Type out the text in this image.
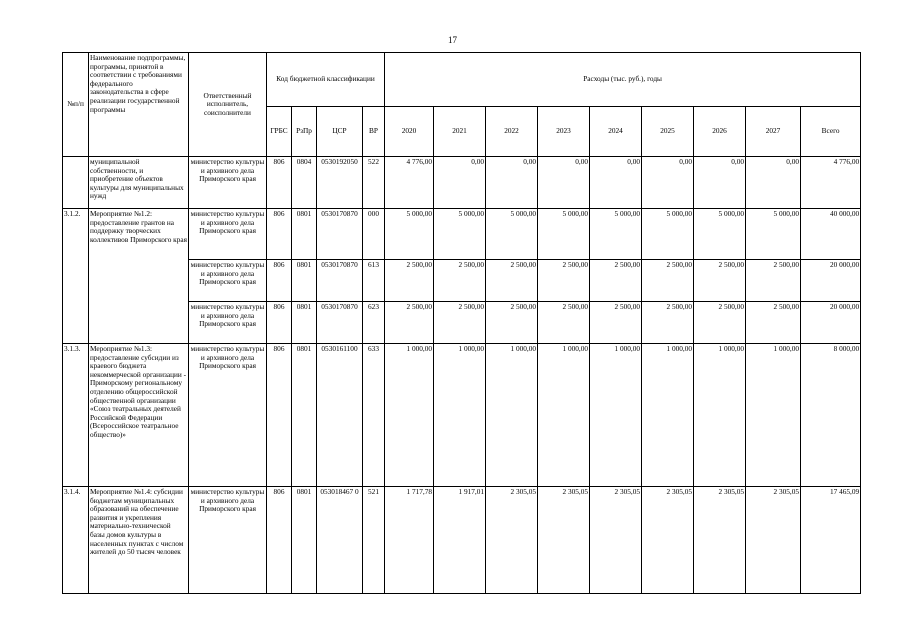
17
№п/п	Наименование подпрограммы, программы, принятой в соответствии с требованиями федерального законодательства в сфере реализации государственной программы	Ответственный исполнитель, соисполнители	Код бюджетной классификации				Расходы (тыс. руб.), годы								
			ГРБС	РзПр	ЦСР	ВР	2020	2021	2022	2023	2024	2025	2026	2027	Всего
	муниципальной собственности, и приобретение объектов культуры для муниципальных нужд	министерство культуры и архивного дела Приморского края	806	0804	0530192050	522	4 776,00	0,00	0,00	0,00	0,00	0,00	0,00	0,00	4 776,00
3.1.2.	Мероприятие №1.2: предоставление грантов на поддержку творческих коллективов Приморского края	министерство культуры и архивного дела Приморского края	806	0801	0530170870	000	5 000,00	5 000,00	5 000,00	5 000,00	5 000,00	5 000,00	5 000,00	5 000,00	40 000,00
		министерство культуры и архивного дела Приморского края	806	0801	0530170870	613	2 500,00	2 500,00	2 500,00	2 500,00	2 500,00	2 500,00	2 500,00	2 500,00	20 000,00
		министерство культуры и архивного дела Приморского края	806	0801	0530170870	623	2 500,00	2 500,00	2 500,00	2 500,00	2 500,00	2 500,00	2 500,00	2 500,00	20 000,00
3.1.3.	Мероприятие №1.3: предоставление субсидии из краевого бюджета некоммерческой организации - Приморскому региональному отделению общероссийской общественной организации «Союз театральных деятелей Российской Федерации (Всероссийское театральное общество)»	министерство культуры и архивного дела Приморского края	806	0801	0530161100	633	1 000,00	1 000,00	1 000,00	1 000,00	1 000,00	1 000,00	1 000,00	1 000,00	8 000,00
3.1.4.	Мероприятие №1.4: субсидии бюджетам муниципальных образований на обеспечение развития и укрепления материально-технической базы домов культуры в населенных пунктах с числом жителей до 50 тысяч человек	министерство культуры и архивного дела Приморского края	806	0801	053018467 0	521	1 717,78	1 917,01	2 305,05	2 305,05	2 305,05	2 305,05	2 305,05	2 305,05	17 465,09
